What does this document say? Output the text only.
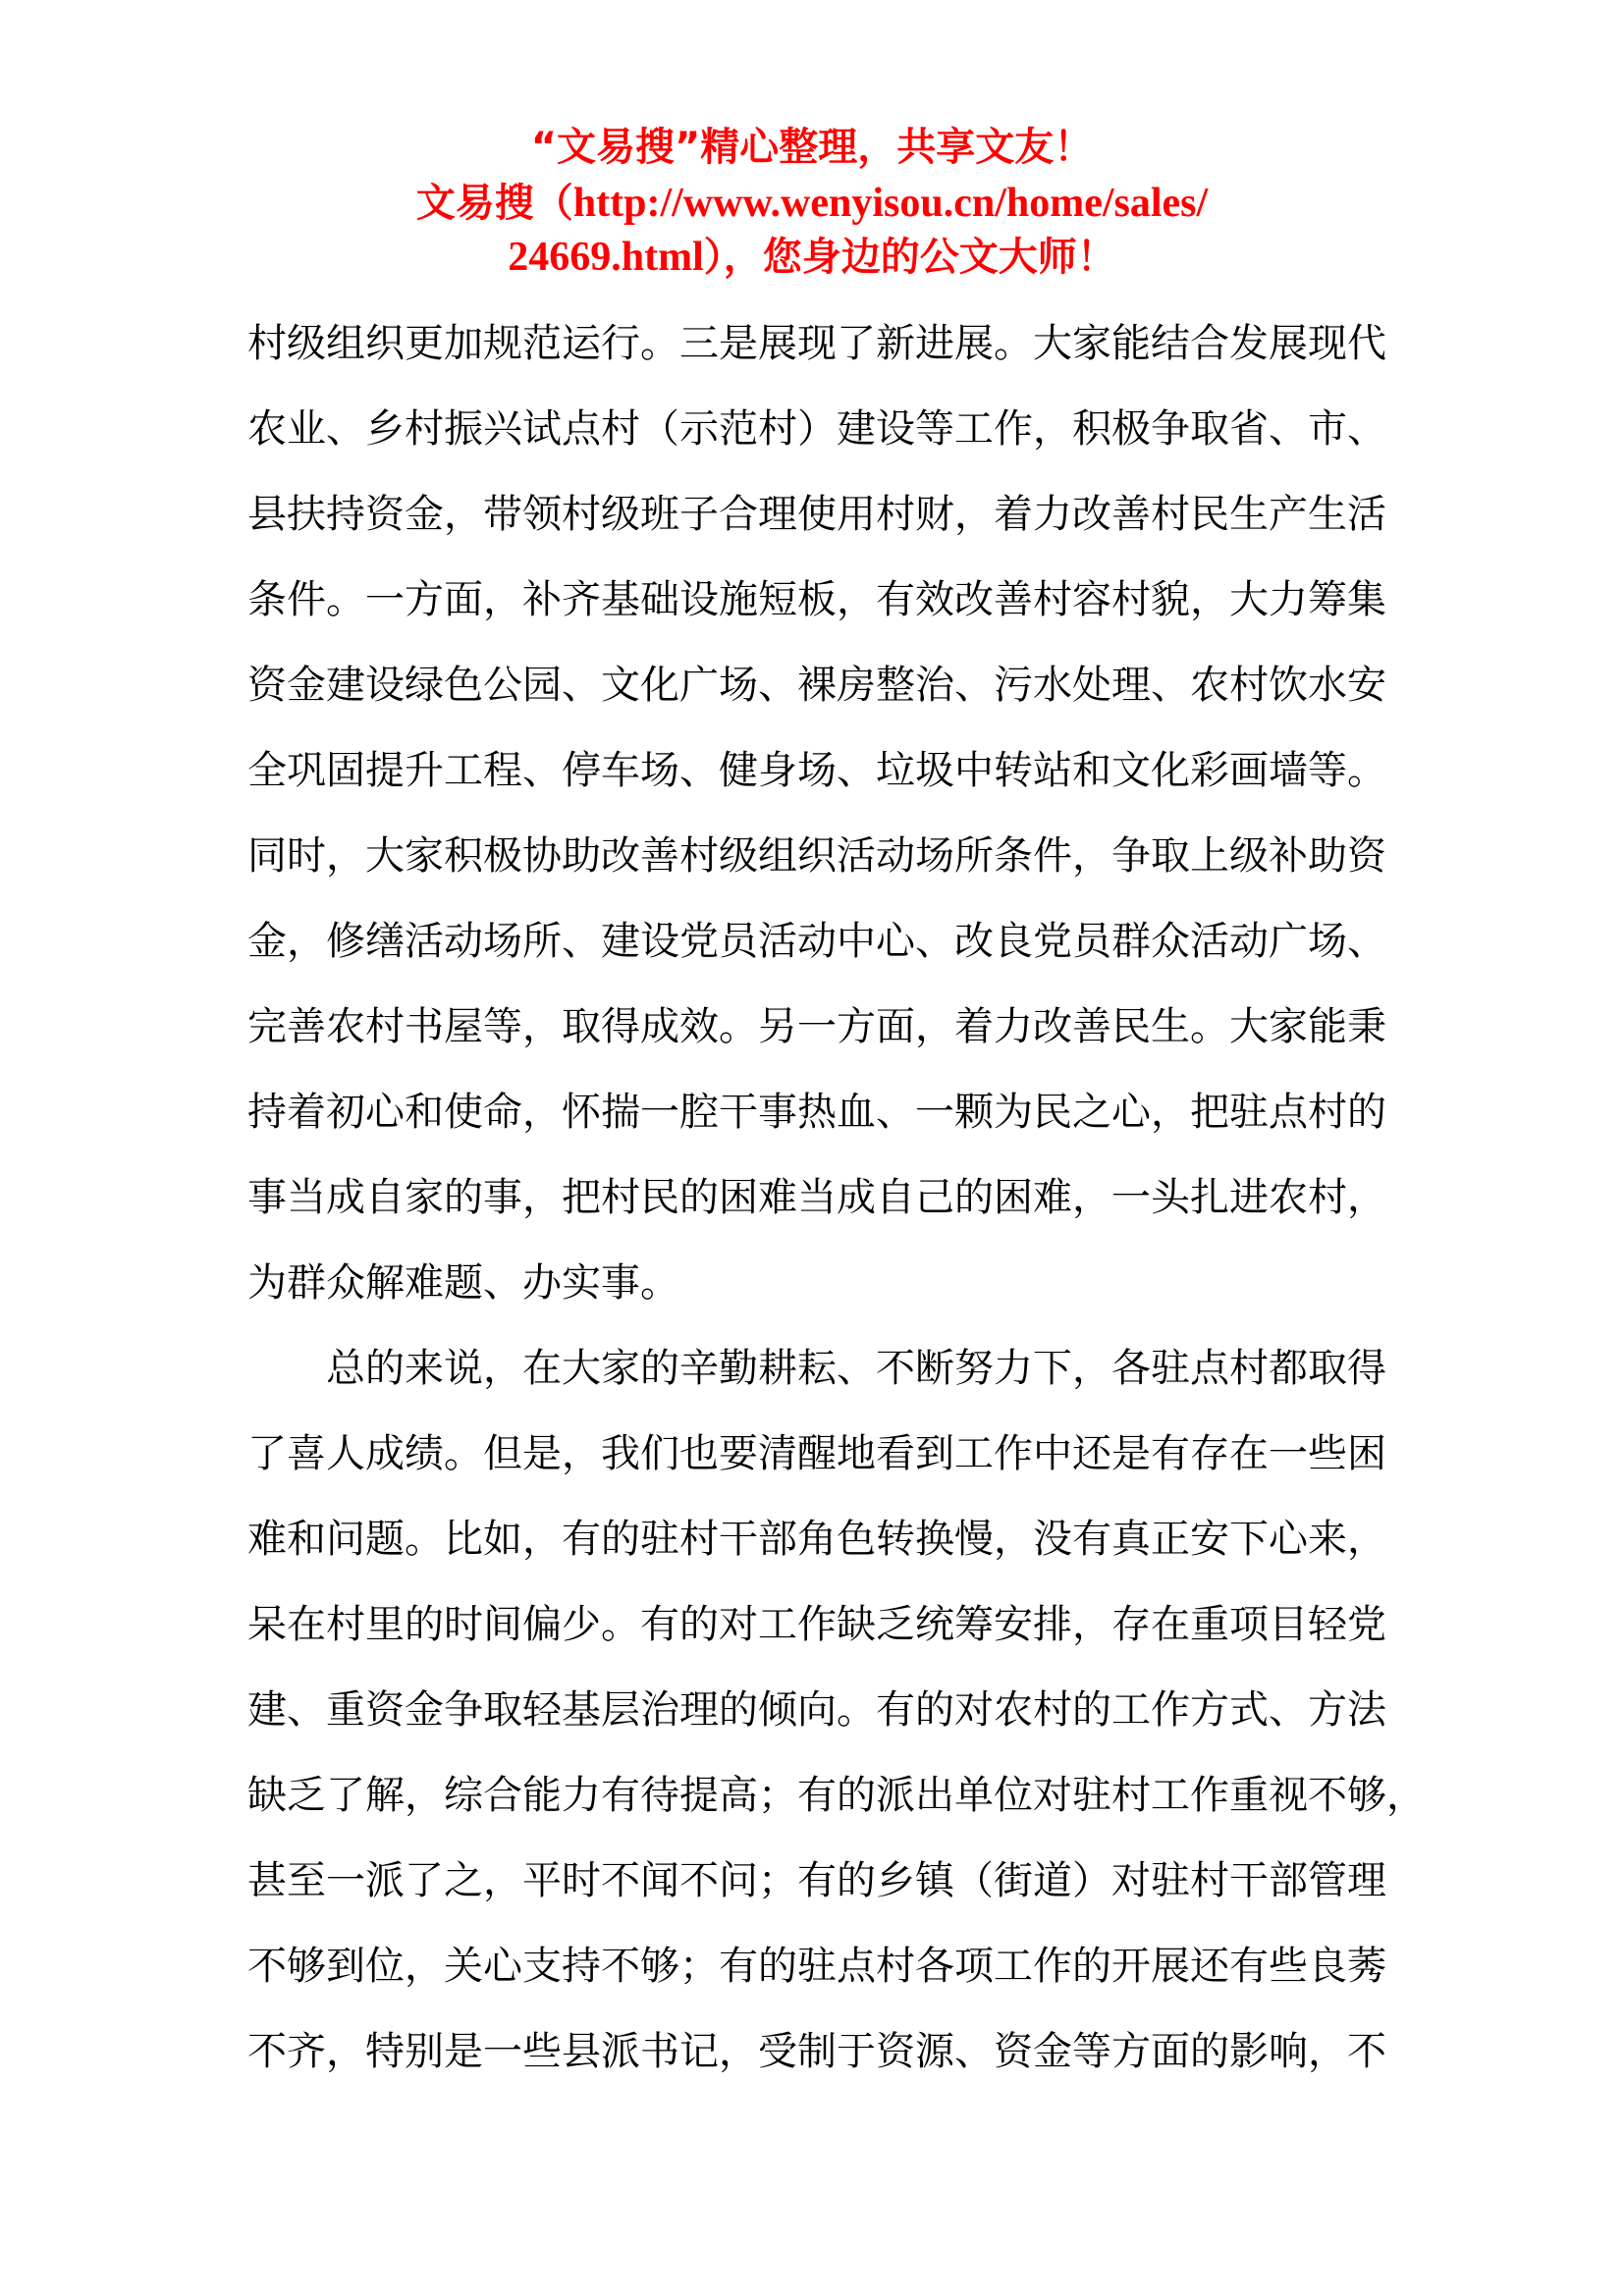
“文易搜”精心整理，共享文友！
文易搜（http://www.wenyisou.cn/home/sales/
24669.html），您身边的公文大师！
村级组织更加规范运行。三是展现了新进展。大家能结合发展现代
农业、乡村振兴试点村（示范村）建设等工作，积极争取省、市、
县扶持资金，带领村级班子合理使用村财，着力改善村民生产生活
条件。一方面，补齐基础设施短板，有效改善村容村貌，大力筹集
资金建设绿色公园、文化广场、裸房整治、污水处理、农村饮水安
全巩固提升工程、停车场、健身场、垃圾中转站和文化彩画墙等。
同时，大家积极协助改善村级组织活动场所条件，争取上级补助资
金，修缮活动场所、建设党员活动中心、改良党员群众活动广场、
完善农村书屋等，取得成效。另一方面，着力改善民生。大家能秉
持着初心和使命，怀揣一腔干事热血、一颗为民之心，把驻点村的
事当成自家的事，把村民的困难当成自己的困难，一头扎进农村，
为群众解难题、办实事。
总的来说，在大家的辛勤耕耘、不断努力下，各驻点村都取得
了喜人成绩。但是，我们也要清醒地看到工作中还是有存在一些困
难和问题。比如，有的驻村干部角色转换慢，没有真正安下心来，
呆在村里的时间偏少。有的对工作缺乏统筹安排，存在重项目轻党
建、重资金争取轻基层治理的倾向。有的对农村的工作方式、方法
缺乏了解，综合能力有待提高；有的派出单位对驻村工作重视不够，
甚至一派了之，平时不闻不问；有的乡镇（街道）对驻村干部管理
不够到位，关心支持不够；有的驻点村各项工作的开展还有些良莠
不齐，特别是一些县派书记，受制于资源、资金等方面的影响，不
